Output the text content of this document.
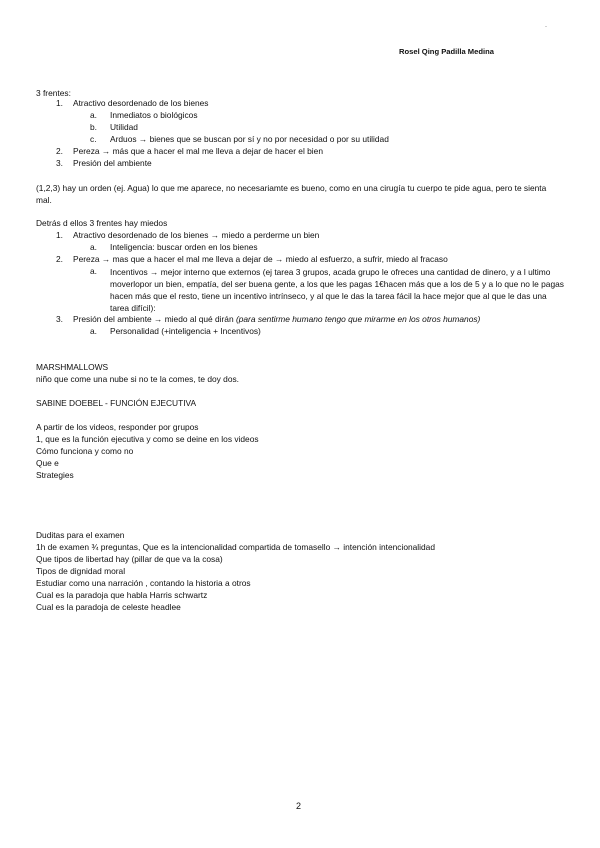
-
Rosel Qing Padilla Medina
3 frentes:
1. Atractivo desordenado de los bienes
a. Inmediatos o biológicos
b. Utilidad
c. Arduos → bienes que se buscan por sí y no por necesidad o por su utilidad
2. Pereza → más que a hacer el mal me lleva a dejar de hacer el bien
3. Presión del ambiente
(1,2,3) hay un orden (ej. Agua) lo que me aparece, no necesariamte es bueno, como en una cirugía tu cuerpo te pide agua, pero te sienta mal.
Detrás d ellos 3 frentes hay miedos
1. Atractivo desordenado de los bienes → miedo a perderme un bien
a. Inteligencia: buscar orden en los bienes
2. Pereza → mas que a hacer el mal me lleva a dejar de → miedo al esfuerzo, a sufrir, miedo al fracaso
a. Incentivos → mejor interno que externos (ej tarea 3 grupos, acada grupo le ofreces una cantidad de dinero, y a l ultimo moverlopor un bien, empatía, del ser buena gente, a los que les pagas 1€hacen más que a los de 5 y a lo que no le pagas hacen más que el resto, tiene un incentivo intrínseco, y al que le das la tarea fácil la hace mejor que al que le das una tarea difícil):
3. Presión del ambiente → miedo al qué dirán (para sentirme humano tengo que mirarme en los otros humanos)
a. Personalidad (+inteligencia + Incentivos)
MARSHMALLOWS
niño que come una nube si no te la comes, te doy dos.
SABINE DOEBEL - FUNCIÓN EJECUTIVA
A partir de los videos, responder por grupos
1, que es la función ejecutiva y como se deine en los videos
Cómo funciona y como no
Que e
Strategies
Duditas para el examen
1h de examen ¾ preguntas, Que es la intencionalidad compartida de tomasello → intención intencionalidad
Que tipos de libertad hay (pillar de que va la cosa)
Tipos de dignidad moral
Estudiar como una narración , contando la historia a otros
Cual es la paradoja que habla Harris schwartz
Cual es la paradoja de celeste headlee
2
